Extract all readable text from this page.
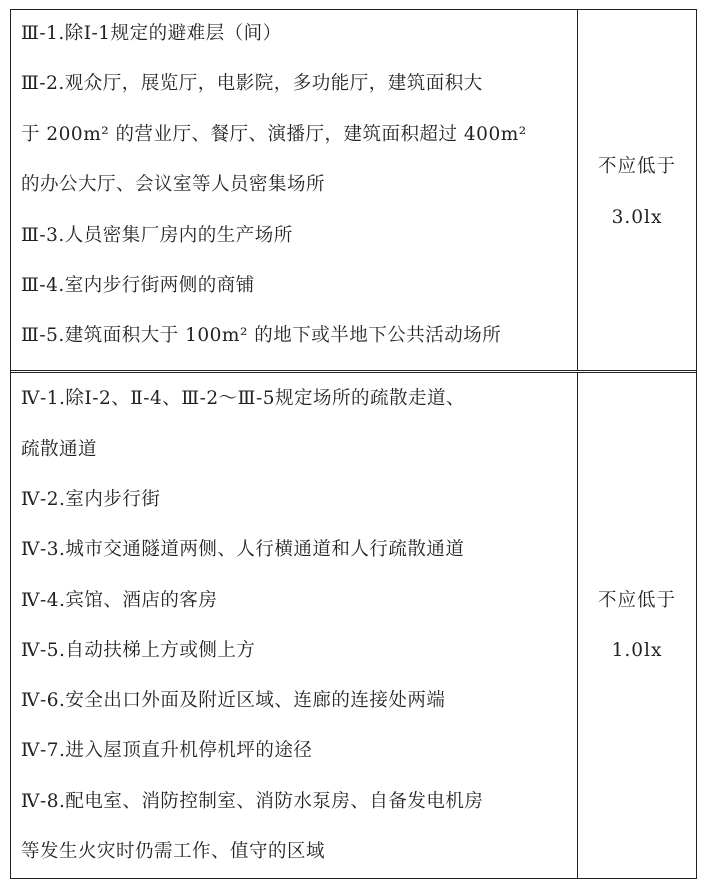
Ⅲ-1.除Ⅰ-1规定的避难层（间）
Ⅲ-2.观众厅，展览厅，电影院，多功能厅，建筑面积大
于 200m² 的营业厅、餐厅、演播厅，建筑面积超过 400m²
的办公大厅、会议室等人员密集场所
Ⅲ-3.人员密集厂房内的生产场所
Ⅲ-4.室内步行街两侧的商铺
Ⅲ-5.建筑面积大于 100m² 的地下或半地下公共活动场所
不应低于
3.0lx
Ⅳ-1.除Ⅰ-2、Ⅱ-4、Ⅲ-2～Ⅲ-5规定场所的疏散走道、
疏散通道
Ⅳ-2.室内步行街
Ⅳ-3.城市交通隧道两侧、人行横通道和人行疏散通道
Ⅳ-4.宾馆、酒店的客房
Ⅳ-5.自动扶梯上方或侧上方
Ⅳ-6.安全出口外面及附近区域、连廊的连接处两端
Ⅳ-7.进入屋顶直升机停机坪的途径
Ⅳ-8.配电室、消防控制室、消防水泵房、自备发电机房
等发生火灾时仍需工作、值守的区域
不应低于
1.0lx
